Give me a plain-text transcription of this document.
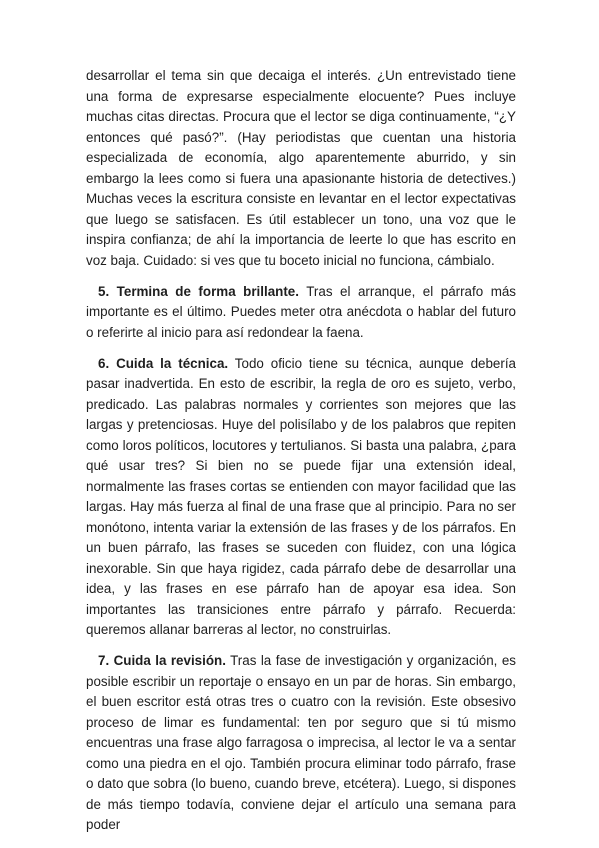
desarrollar el tema sin que decaiga el interés. ¿Un entrevistado tiene una forma de expresarse especialmente elocuente? Pues incluye muchas citas directas. Procura que el lector se diga continuamente, “¿Y entonces qué pasó?”. (Hay periodistas que cuentan una historia especializada de economía, algo aparentemente aburrido, y sin embargo la lees como si fuera una apasionante historia de detectives.) Muchas veces la escritura consiste en levantar en el lector expectativas que luego se satisfacen. Es útil establecer un tono, una voz que le inspira confianza; de ahí la importancia de leerte lo que has escrito en voz baja. Cuidado: si ves que tu boceto inicial no funciona, cámbialo.

5. Termina de forma brillante. Tras el arranque, el párrafo más importante es el último. Puedes meter otra anécdota o hablar del futuro o referirte al inicio para así redondear la faena.

6. Cuida la técnica. Todo oficio tiene su técnica, aunque debería pasar inadvertida. En esto de escribir, la regla de oro es sujeto, verbo, predicado. Las palabras normales y corrientes son mejores que las largas y pretenciosas. Huye del polisílabo y de los palabros que repiten como loros políticos, locutores y tertulianos. Si basta una palabra, ¿para qué usar tres? Si bien no se puede fijar una extensión ideal, normalmente las frases cortas se entienden con mayor facilidad que las largas. Hay más fuerza al final de una frase que al principio. Para no ser monótono, intenta variar la extensión de las frases y de los párrafos. En un buen párrafo, las frases se suceden con fluidez, con una lógica inexorable. Sin que haya rigidez, cada párrafo debe de desarrollar una idea, y las frases en ese párrafo han de apoyar esa idea. Son importantes las transiciones entre párrafo y párrafo. Recuerda: queremos allanar barreras al lector, no construirlas.

7. Cuida la revisión. Tras la fase de investigación y organización, es posible escribir un reportaje o ensayo en un par de horas. Sin embargo, el buen escritor está otras tres o cuatro con la revisión. Este obsesivo proceso de limar es fundamental: ten por seguro que si tú mismo encuentras una frase algo farragosa o imprecisa, al lector le va a sentar como una piedra en el ojo. También procura eliminar todo párrafo, frase o dato que sobra (lo bueno, cuando breve, etcétera). Luego, si dispones de más tiempo todavía, conviene dejar el artículo una semana para poder
